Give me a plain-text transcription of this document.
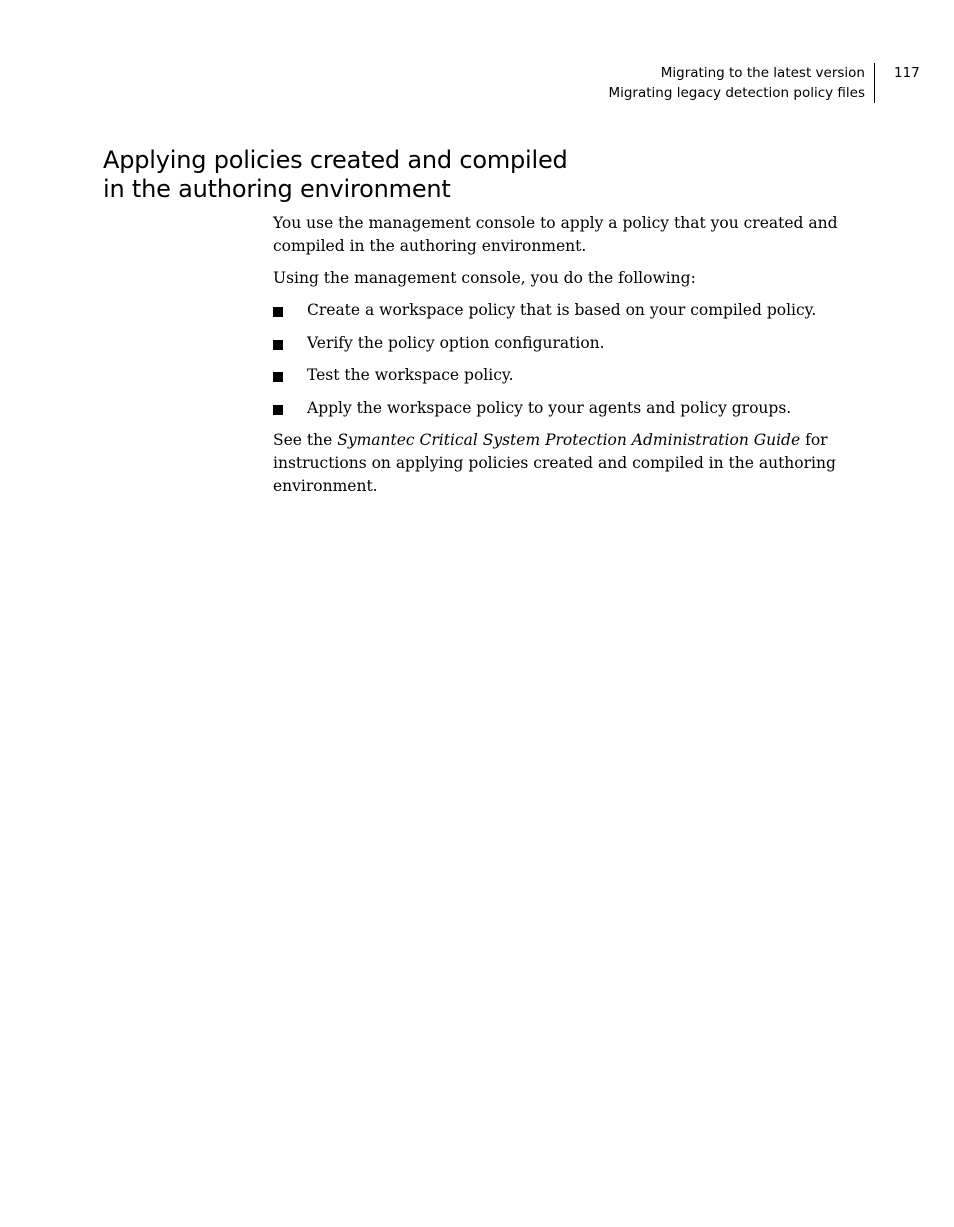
Migrating to the latest version
Migrating legacy detection policy files
117
Applying policies created and compiled
in the authoring environment

You use the management console to apply a policy that you created and compiled in the authoring environment.

Using the management console, you do the following:

Create a workspace policy that is based on your compiled policy.
Verify the policy option configuration.
Test the workspace policy.
Apply the workspace policy to your agents and policy groups.

See the Symantec Critical System Protection Administration Guide for instructions on applying policies created and compiled in the authoring environment.
